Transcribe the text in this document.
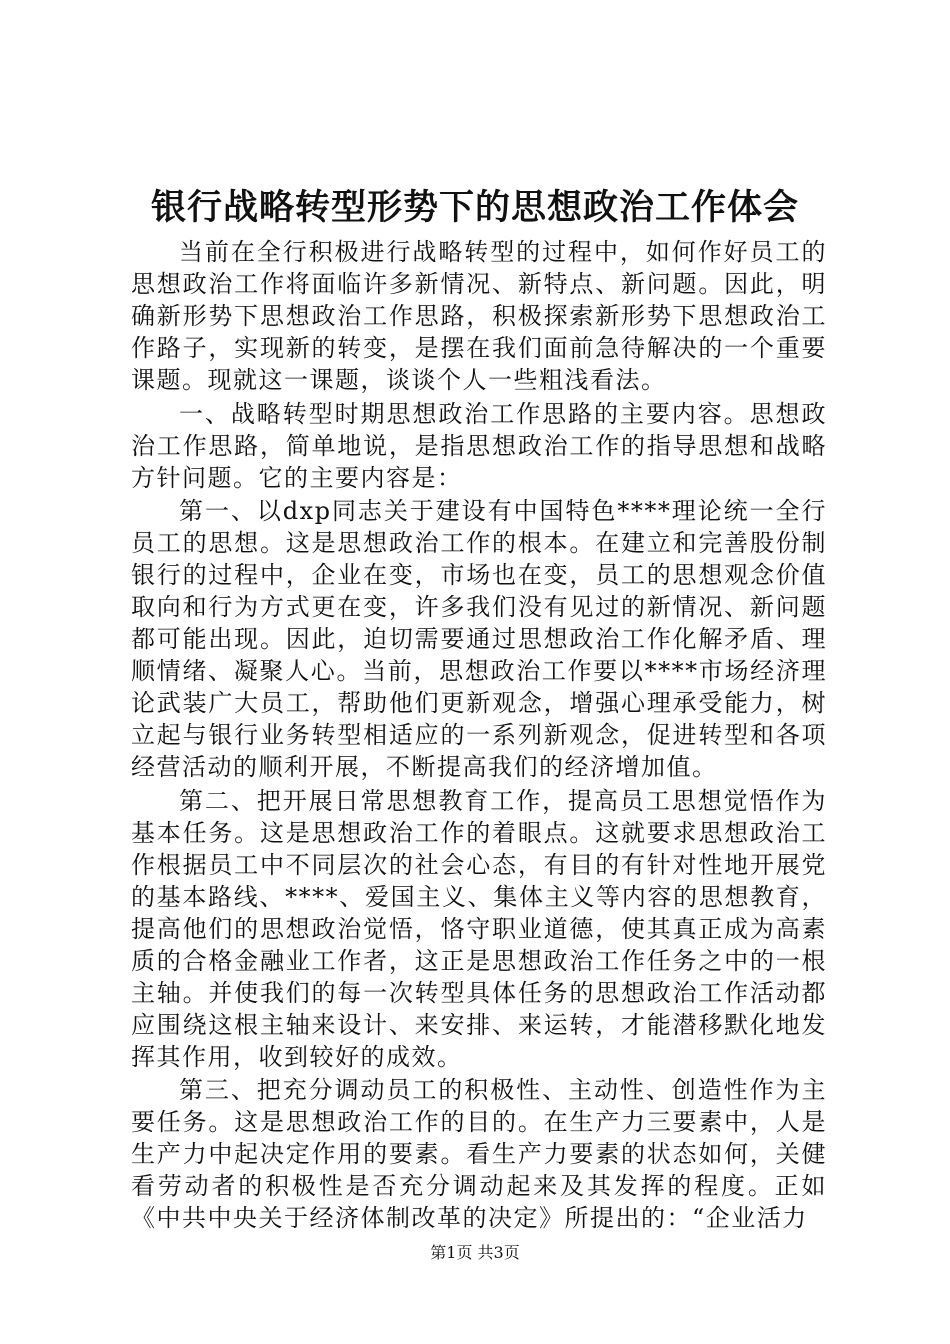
银行战略转型形势下的思想政治工作体会

当前在全行积极进行战略转型的过程中，如何作好员工的思想政治工作将面临许多新情况、新特点、新问题。因此，明确新形势下思想政治工作思路，积极探索新形势下思想政治工作路子，实现新的转变，是摆在我们面前急待解决的一个重要课题。现就这一课题，谈谈个人一些粗浅看法。

一、战略转型时期思想政治工作思路的主要内容。思想政治工作思路，简单地说，是指思想政治工作的指导思想和战略方针问题。它的主要内容是：

第一、以dxp同志关于建设有中国特色****理论统一全行员工的思想。这是思想政治工作的根本。在建立和完善股份制银行的过程中，企业在变，市场也在变，员工的思想观念价值取向和行为方式更在变，许多我们没有见过的新情况、新问题都可能出现。因此，迫切需要通过思想政治工作化解矛盾、理顺情绪、凝聚人心。当前，思想政治工作要以****市场经济理论武装广大员工，帮助他们更新观念，增强心理承受能力，树立起与银行业务转型相适应的一系列新观念，促进转型和各项经营活动的顺利开展，不断提高我们的经济增加值。

第二、把开展日常思想教育工作，提高员工思想觉悟作为基本任务。这是思想政治工作的着眼点。这就要求思想政治工作根据员工中不同层次的社会心态，有目的有针对性地开展党的基本路线、****、爱国主义、集体主义等内容的思想教育，提高他们的思想政治觉悟，恪守职业道德，使其真正成为高素质的合格金融业工作者，这正是思想政治工作任务之中的一根主轴。并使我们的每一次转型具体任务的思想政治工作活动都应围绕这根主轴来设计、来安排、来运转，才能潜移默化地发挥其作用，收到较好的成效。

第三、把充分调动员工的积极性、主动性、创造性作为主要任务。这是思想政治工作的目的。在生产力三要素中，人是生产力中起决定作用的要素。看生产力要素的状态如何，关健看劳动者的积极性是否充分调动起来及其发挥的程度。正如《中共中央关于经济体制改革的决定》所提出的：“企业活力

第1页 共3页
